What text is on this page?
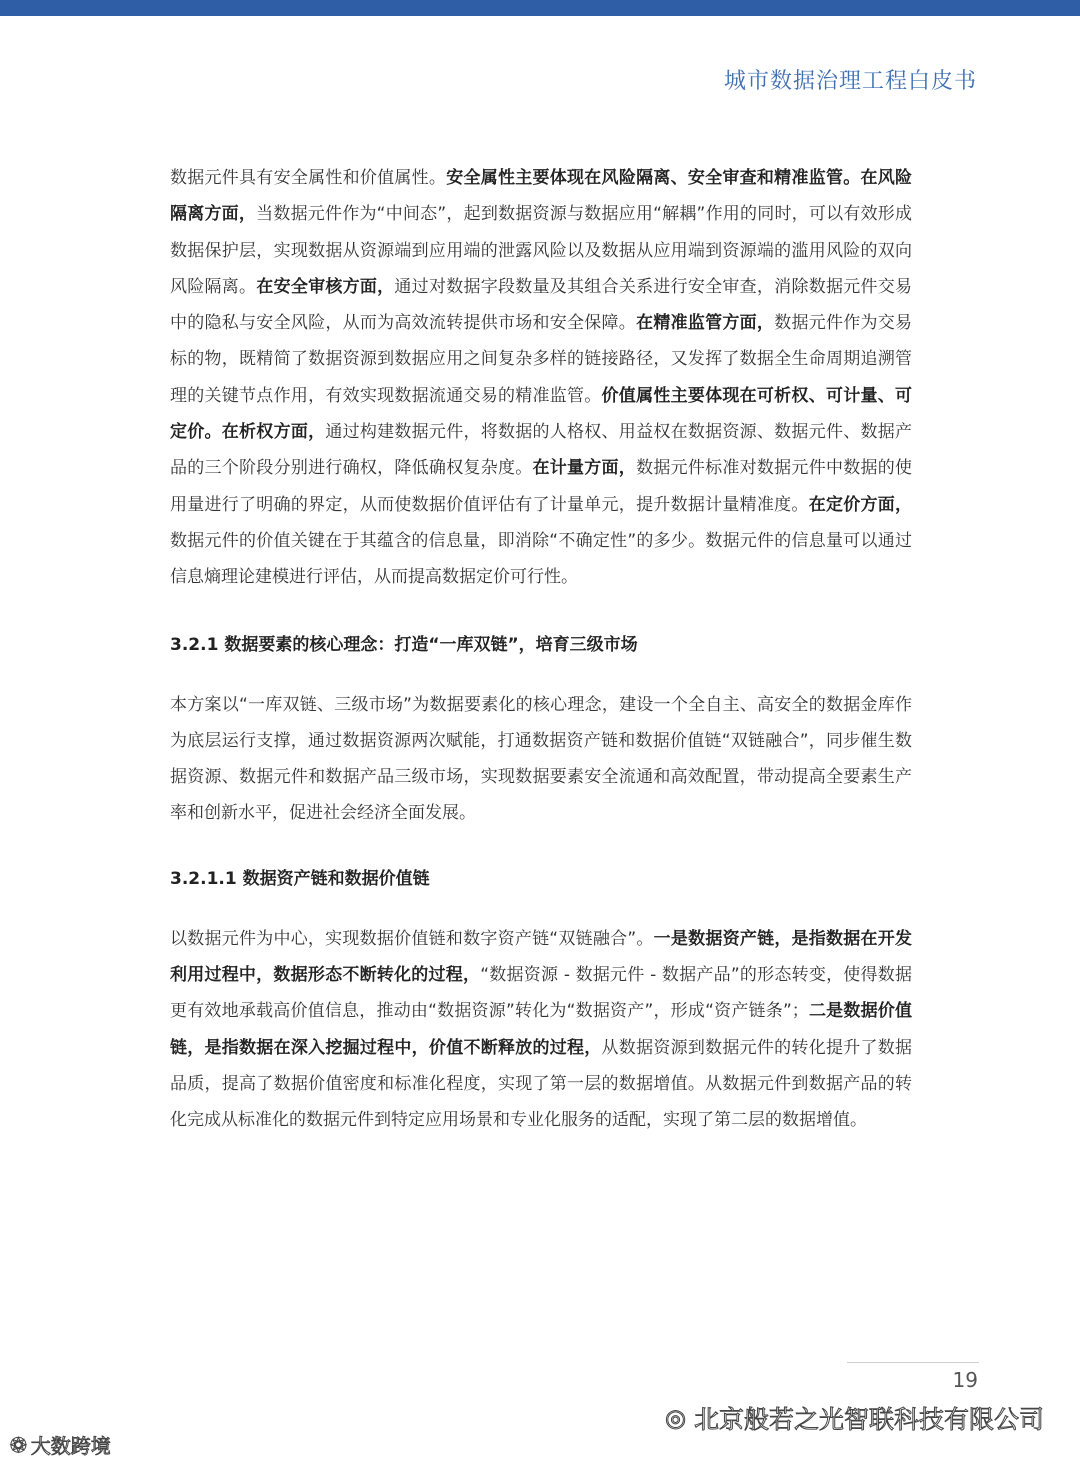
城市数据治理工程白皮书

数据元件具有安全属性和价值属性。安全属性主要体现在风险隔离、安全审查和精准监管。在风险隔离方面，当数据元件作为“中间态”，起到数据资源与数据应用“解耦”作用的同时，可以有效形成数据保护层，实现数据从资源端到应用端的泄露风险以及数据从应用端到资源端的滥用风险的双向风险隔离。在安全审核方面，通过对数据字段数量及其组合关系进行安全审查，消除数据元件交易中的隐私与安全风险，从而为高效流转提供市场和安全保障。在精准监管方面，数据元件作为交易标的物，既精简了数据资源到数据应用之间复杂多样的链接路径，又发挥了数据全生命周期追溯管理的关键节点作用，有效实现数据流通交易的精准监管。价值属性主要体现在可析权、可计量、可定价。在析权方面，通过构建数据元件，将数据的人格权、用益权在数据资源、数据元件、数据产品的三个阶段分别进行确权，降低确权复杂度。在计量方面，数据元件标准对数据元件中数据的使用量进行了明确的界定，从而使数据价值评估有了计量单元，提升数据计量精准度。在定价方面，数据元件的价值关键在于其蕴含的信息量，即消除“不确定性”的多少。数据元件的信息量可以通过信息熵理论建模进行评估，从而提高数据定价可行性。

3.2.1 数据要素的核心理念：打造“一库双链”，培育三级市场

本方案以“一库双链、三级市场”为数据要素化的核心理念，建设一个全自主、高安全的数据金库作为底层运行支撑，通过数据资源两次赋能，打通数据资产链和数据价值链“双链融合”，同步催生数据资源、数据元件和数据产品三级市场，实现数据要素安全流通和高效配置，带动提高全要素生产率和创新水平，促进社会经济全面发展。

3.2.1.1 数据资产链和数据价值链

以数据元件为中心，实现数据价值链和数字资产链“双链融合”。一是数据资产链，是指数据在开发利用过程中，数据形态不断转化的过程，“数据资源 - 数据元件 - 数据产品”的形态转变，使得数据更有效地承载高价值信息，推动由“数据资源”转化为“数据资产”，形成“资产链条”；二是数据价值链，是指数据在深入挖掘过程中，价值不断释放的过程，从数据资源到数据元件的转化提升了数据品质，提高了数据价值密度和标准化程度，实现了第一层的数据增值。从数据元件到数据产品的转化完成从标准化的数据元件到特定应用场景和专业化服务的适配，实现了第二层的数据增值。

19
◎ 北京般若之光智联科技有限公司
❂ 大数跨境
